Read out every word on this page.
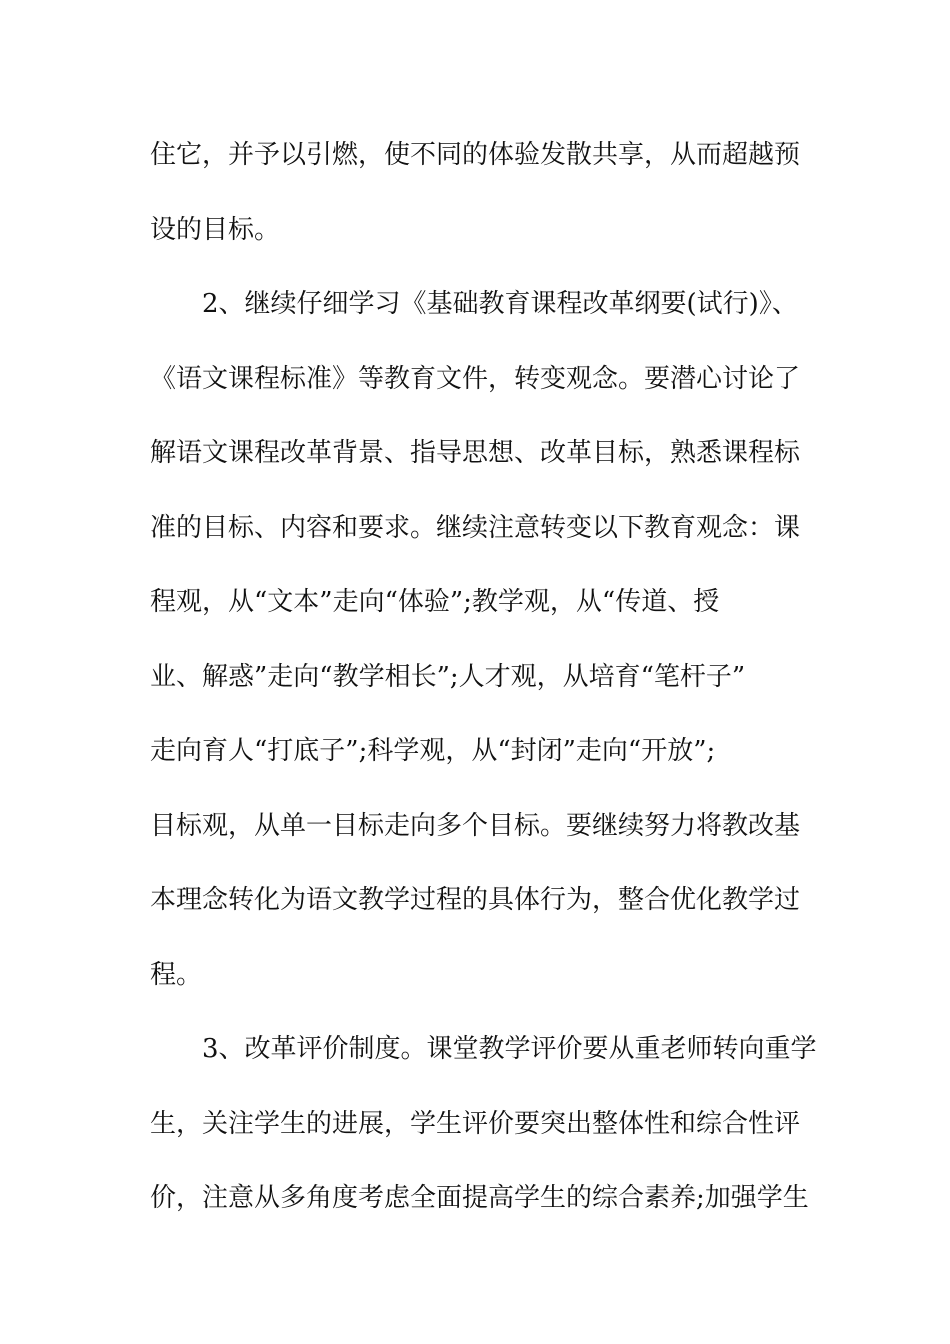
住它，并予以引燃，使不同的体验发散共享，从而超越预
设的目标。
2、继续仔细学习《基础教育课程改革纲要(试行)》、
《语文课程标准》等教育文件，转变观念。要潜心讨论了
解语文课程改革背景、指导思想、改革目标，熟悉课程标
准的目标、内容和要求。继续注意转变以下教育观念：课
程观，从“文本”走向“体验”;教学观，从“传道、授
业、解惑”走向“教学相长”;人才观，从培育“笔杆子”
走向育人“打底子”;科学观，从“封闭”走向“开放”;
目标观，从单一目标走向多个目标。要继续努力将教改基
本理念转化为语文教学过程的具体行为，整合优化教学过
程。
3、改革评价制度。课堂教学评价要从重老师转向重学
生，关注学生的进展，学生评价要突出整体性和综合性评
价，注意从多角度考虑全面提高学生的综合素养;加强学生
